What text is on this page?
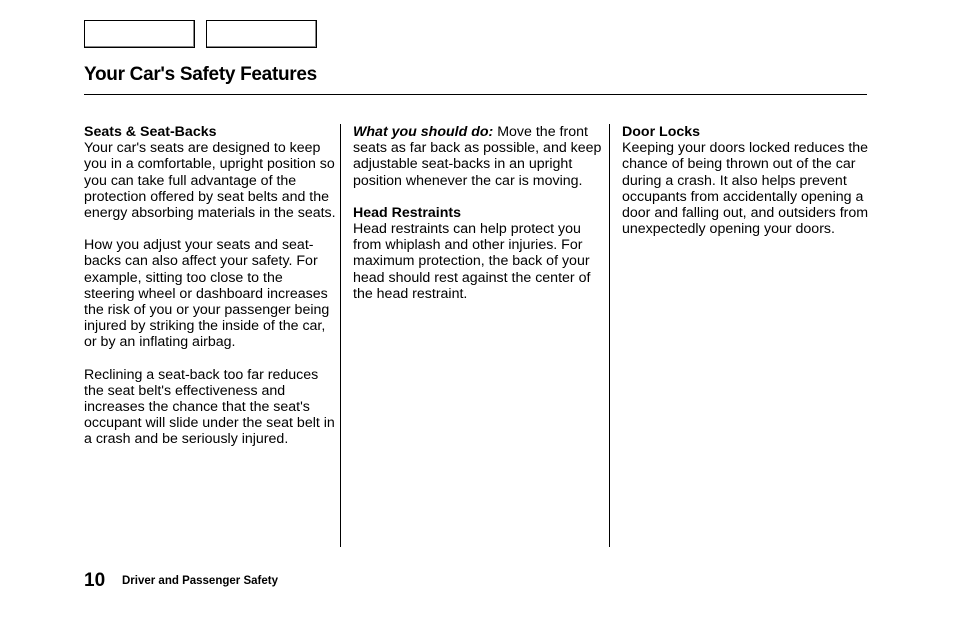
Your Car's Safety Features

Seats & Seat-Backs

Your car's seats are designed to keep you in a comfortable, upright position so you can take full advantage of the protection offered by seat belts and the energy absorbing materials in the seats.

How you adjust your seats and seat-backs can also affect your safety. For example, sitting too close to the steering wheel or dashboard increases the risk of you or your passenger being injured by striking the inside of the car, or by an inflating airbag.

Reclining a seat-back too far reduces the seat belt's effectiveness and increases the chance that the seat's occupant will slide under the seat belt in a crash and be seriously injured.

What you should do: Move the front seats as far back as possible, and keep adjustable seat-backs in an upright position whenever the car is moving.

Head Restraints

Head restraints can help protect you from whiplash and other injuries. For maximum protection, the back of your head should rest against the center of the head restraint.

Door Locks

Keeping your doors locked reduces the chance of being thrown out of the car during a crash. It also helps prevent occupants from accidentally opening a door and falling out, and outsiders from unexpectedly opening your doors.

10 Driver and Passenger Safety
